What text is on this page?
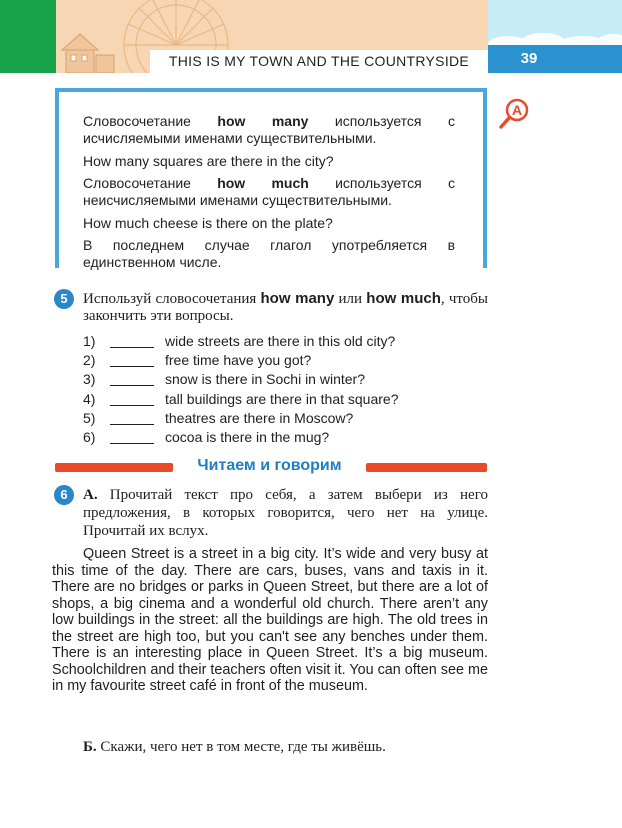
THIS IS MY TOWN AND THE COUNTRYSIDE	39
Словосочетание how many используется с исчисляемыми именами существительными.
How many squares are there in the city?
Словосочетание how much используется с неисчисляемыми именами существительными.
How much cheese is there on the plate?
В последнем случае глагол употребляется в единственном числе.
A
5	Используй словосочетания how many или how much, чтобы закончить эти вопросы.
1)	wide streets are there in this old city?
2)	free time have you got?
3)	snow is there in Sochi in winter?
4)	tall buildings are there in that square?
5)	theatres are there in Moscow?
6)	cocoa is there in the mug?
Читаем и говорим
6	А. Прочитай текст про себя, а затем выбери из него предложения, в которых говорится, чего нет на улице. Прочитай их вслух.
Queen Street is a street in a big city. It’s wide and very busy at this time of the day. There are cars, buses, vans and taxis in it. There are no bridges or parks in Queen Street, but there are a lot of shops, a big cinema and a wonderful old church. There aren’t any low buildings in the street: all the buildings are high. The old trees in the street are high too, but you can't see any benches under them. There is an interesting place in Queen Street. It’s a big museum. Schoolchildren and their teachers often visit it. You can often see me in my favourite street café in front of the museum.
Б. Скажи, чего нет в том месте, где ты живёшь.
